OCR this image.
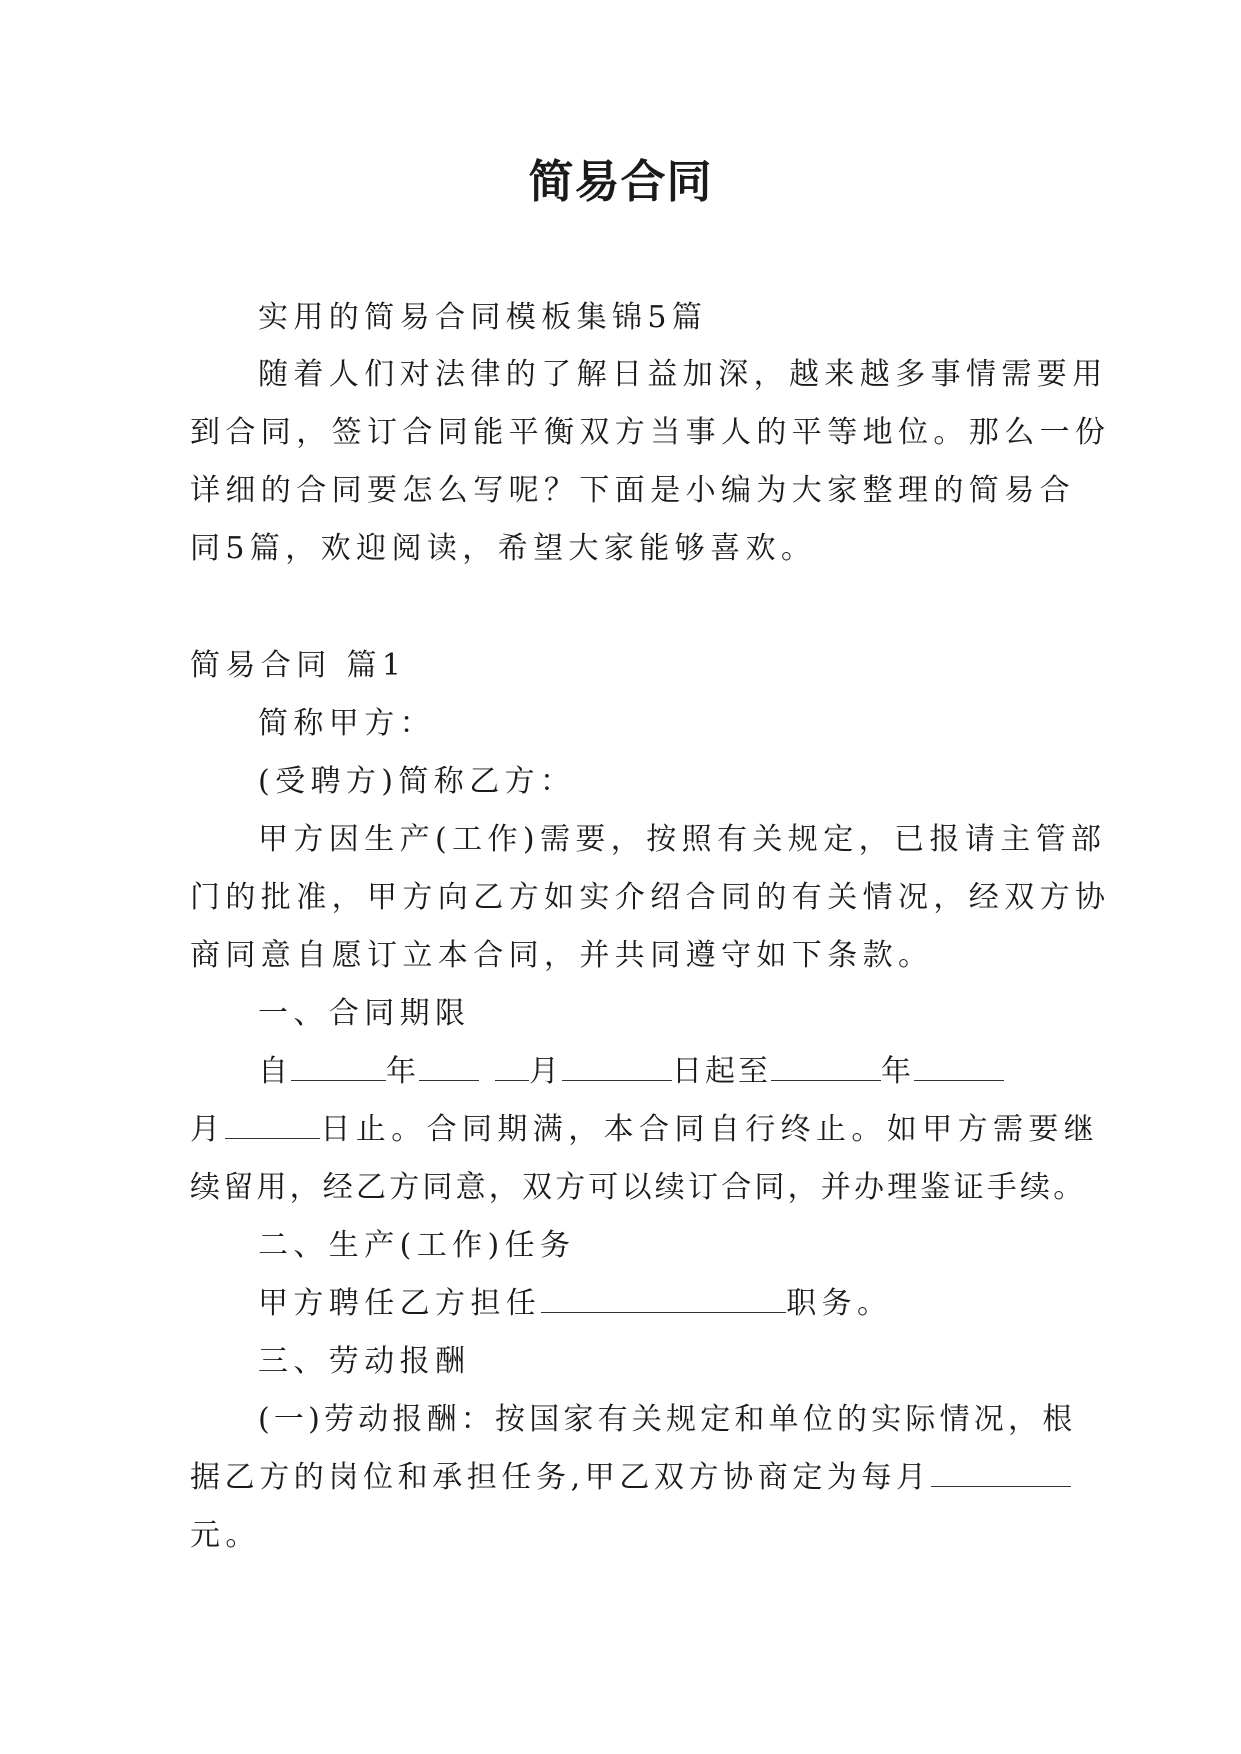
简易合同
实用的简易合同模板集锦5篇
随着人们对法律的了解日益加深，越来越多事情需要用
到合同，签订合同能平衡双方当事人的平等地位。那么一份
详细的合同要怎么写呢？下面是小编为大家整理的简易合
同5篇，欢迎阅读，希望大家能够喜欢。
简易合同 篇1
简称甲方：
(受聘方)简称乙方：
甲方因生产(工作)需要，按照有关规定，已报请主管部
门的批准，甲方向乙方如实介绍合同的有关情况，经双方协
商同意自愿订立本合同，并共同遵守如下条款。
一、合同期限
自	年	月	日起至	年
月	日止。合同期满，本合同自行终止。如甲方需要继
续留用，经乙方同意，双方可以续订合同，并办理鉴证手续。
二、生产(工作)任务
甲方聘任乙方担任	职务。
三、劳动报酬
(一)劳动报酬：按国家有关规定和单位的实际情况，根
据乙方的岗位和承担任务,甲乙双方协商定为每月
元。
